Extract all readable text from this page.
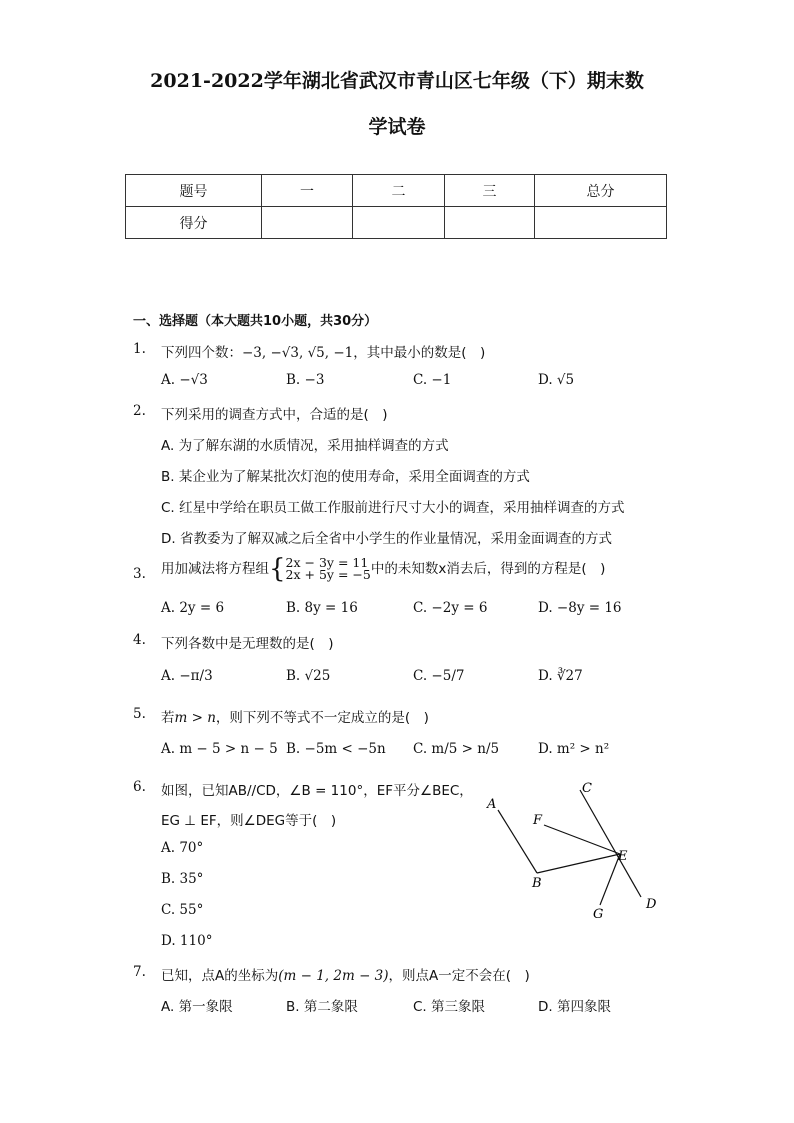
2021-2022学年湖北省武汉市青山区七年级（下）期末数
学试卷
题号	一	二	三	总分
得分				
一、选择题（本大题共10小题，共30分）
1. 下列四个数：−3, −√3, √5, −1，其中最小的数是(　)
A. −√3	B. −3	C. −1	D. √5
2. 下列采用的调查方式中，合适的是(　)
A. 为了解东湖的水质情况，采用抽样调查的方式
B. 某企业为了解某批次灯泡的使用寿命，采用全面调查的方式
C. 红星中学给在职员工做工作服前进行尺寸大小的调查，采用抽样调查的方式
D. 省教委为了解双减之后全省中小学生的作业量情况，采用金面调查的方式
3. 用加减法将方程组{ 2x − 3y = 11
2x + 5y = −5 中的未知数x消去后，得到的方程是(　)
A. 2y = 6	B. 8y = 16	C. −2y = 6	D. −8y = 16
4. 下列各数中是无理数的是(　)
A. −π/3	B. √25	C. −5/7	D. ∛27
5. 若m > n，则下列不等式不一定成立的是(　)
A. m − 5 > n − 5 B. −5m < −5n C. m/5 > n/5	D. m² > n²
6. 如图，已知AB//CD，∠B = 110°，EF平分∠BEC，
EG ⊥ EF，则∠DEG等于(　)
A. 70°
B. 35°
C. 55°
D. 110°
A
B
C
D
E
F
G
7. 已知，点A的坐标为(m − 1, 2m − 3)，则点A一定不会在(　)
A. 第一象限	B. 第二象限	C. 第三象限	D. 第四象限
